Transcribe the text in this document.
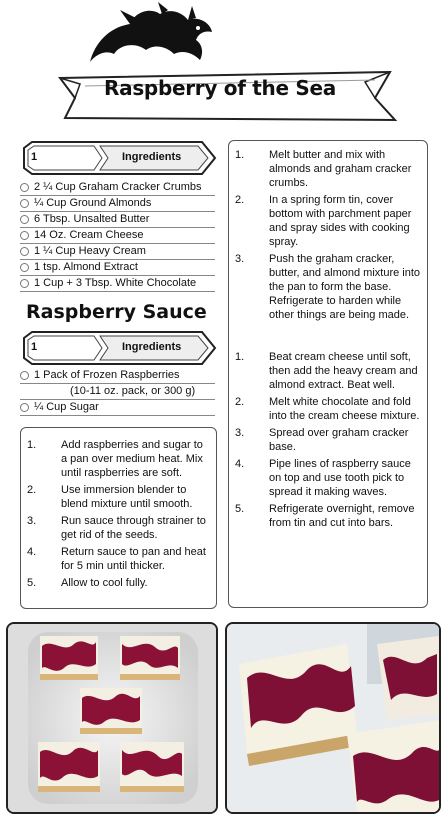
Raspberry of the Sea
1	Ingredients
2 ¼ Cup Graham Cracker Crumbs
¼ Cup Ground Almonds
6 Tbsp. Unsalted Butter
14 Oz. Cream Cheese
1 ¼ Cup Heavy Cream
1 tsp. Almond Extract
1 Cup + 3 Tbsp. White Chocolate
Raspberry Sauce
1	Ingredients
1 Pack of Frozen Raspberries
(10-11 oz. pack, or 300 g)
¼ Cup Sugar
1. Add raspberries and sugar to a pan over medium heat. Mix until raspberries are soft.
2. Use immersion blender to blend mixture until smooth.
3. Run sauce through strainer to get rid of the seeds.
4. Return sauce to pan and heat for 5 min until thicker.
5. Allow to cool fully.
1. Melt butter and mix with almonds and graham cracker crumbs.
2. In a spring form tin, cover bottom with parchment paper and spray sides with cooking spray.
3. Push the graham cracker, butter, and almond mixture into the pan to form the base. Refrigerate to harden while other things are being made.
1. Beat cream cheese until soft, then add the heavy cream and almond extract. Beat well.
2. Melt white chocolate and fold into the cream cheese mixture.
3. Spread over graham cracker base.
4. Pipe lines of raspberry sauce on top and use tooth pick to spread it making waves.
5. Refrigerate overnight, remove from tin and cut into bars.
